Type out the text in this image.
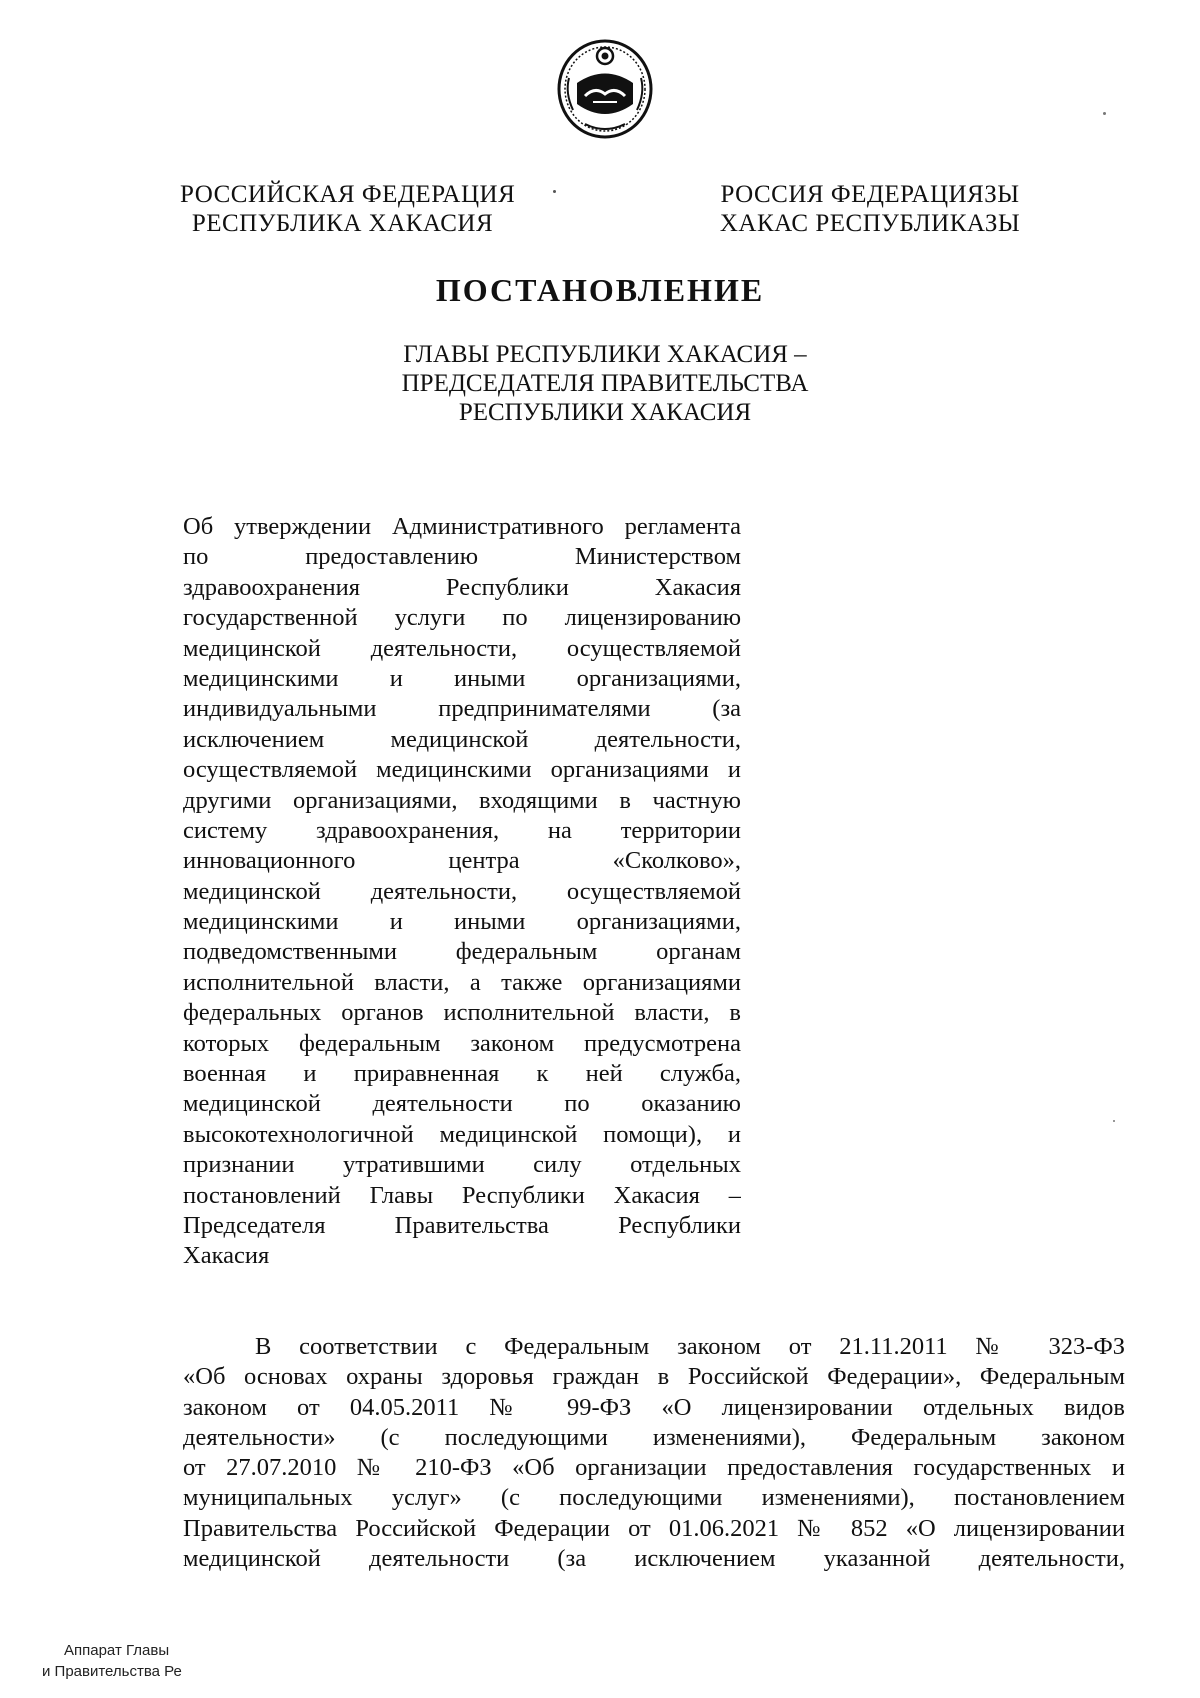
РОССИЙСКАЯ ФЕДЕРАЦИЯ
РЕСПУБЛИКА ХАКАСИЯ
РОССИЯ ФЕДЕРАЦИЯЗЫ
ХАКАС РЕСПУБЛИКАЗЫ
ПОСТАНОВЛЕНИЕ
ГЛАВЫ РЕСПУБЛИКИ ХАКАСИЯ –
ПРЕДСЕДАТЕЛЯ ПРАВИТЕЛЬСТВА
РЕСПУБЛИКИ ХАКАСИЯ
Об утверждении Административного регламента
по предоставлению Министерством
здравоохранения Республики Хакасия
государственной услуги по лицензированию
медицинской деятельности, осуществляемой
медицинскими и иными организациями,
индивидуальными предпринимателями (за
исключением медицинской деятельности,
осуществляемой медицинскими организациями и
другими организациями, входящими в частную
систему здравоохранения, на территории
инновационного центра «Сколково»,
медицинской деятельности, осуществляемой
медицинскими и иными организациями,
подведомственными федеральным органам
исполнительной власти, а также организациями
федеральных органов исполнительной власти, в
которых федеральным законом предусмотрена
военная и приравненная к ней служба,
медицинской деятельности по оказанию
высокотехнологичной медицинской помощи), и
признании утратившими силу отдельных
постановлений Главы Республики Хакасия –
Председателя Правительства Республики
Хакасия
В соответствии с Федеральным законом от 21.11.2011 № 323-ФЗ
«Об основах охраны здоровья граждан в Российской Федерации», Федеральным
законом от 04.05.2011 № 99-ФЗ «О лицензировании отдельных видов
деятельности» (с последующими изменениями), Федеральным законом
от 27.07.2010 № 210-ФЗ «Об организации предоставления государственных и
муниципальных услуг» (с последующими изменениями), постановлением
Правительства Российской Федерации от 01.06.2021 № 852 «О лицензировании
медицинской деятельности (за исключением указанной деятельности,
Аппарат Главы
и Правительства Ре
